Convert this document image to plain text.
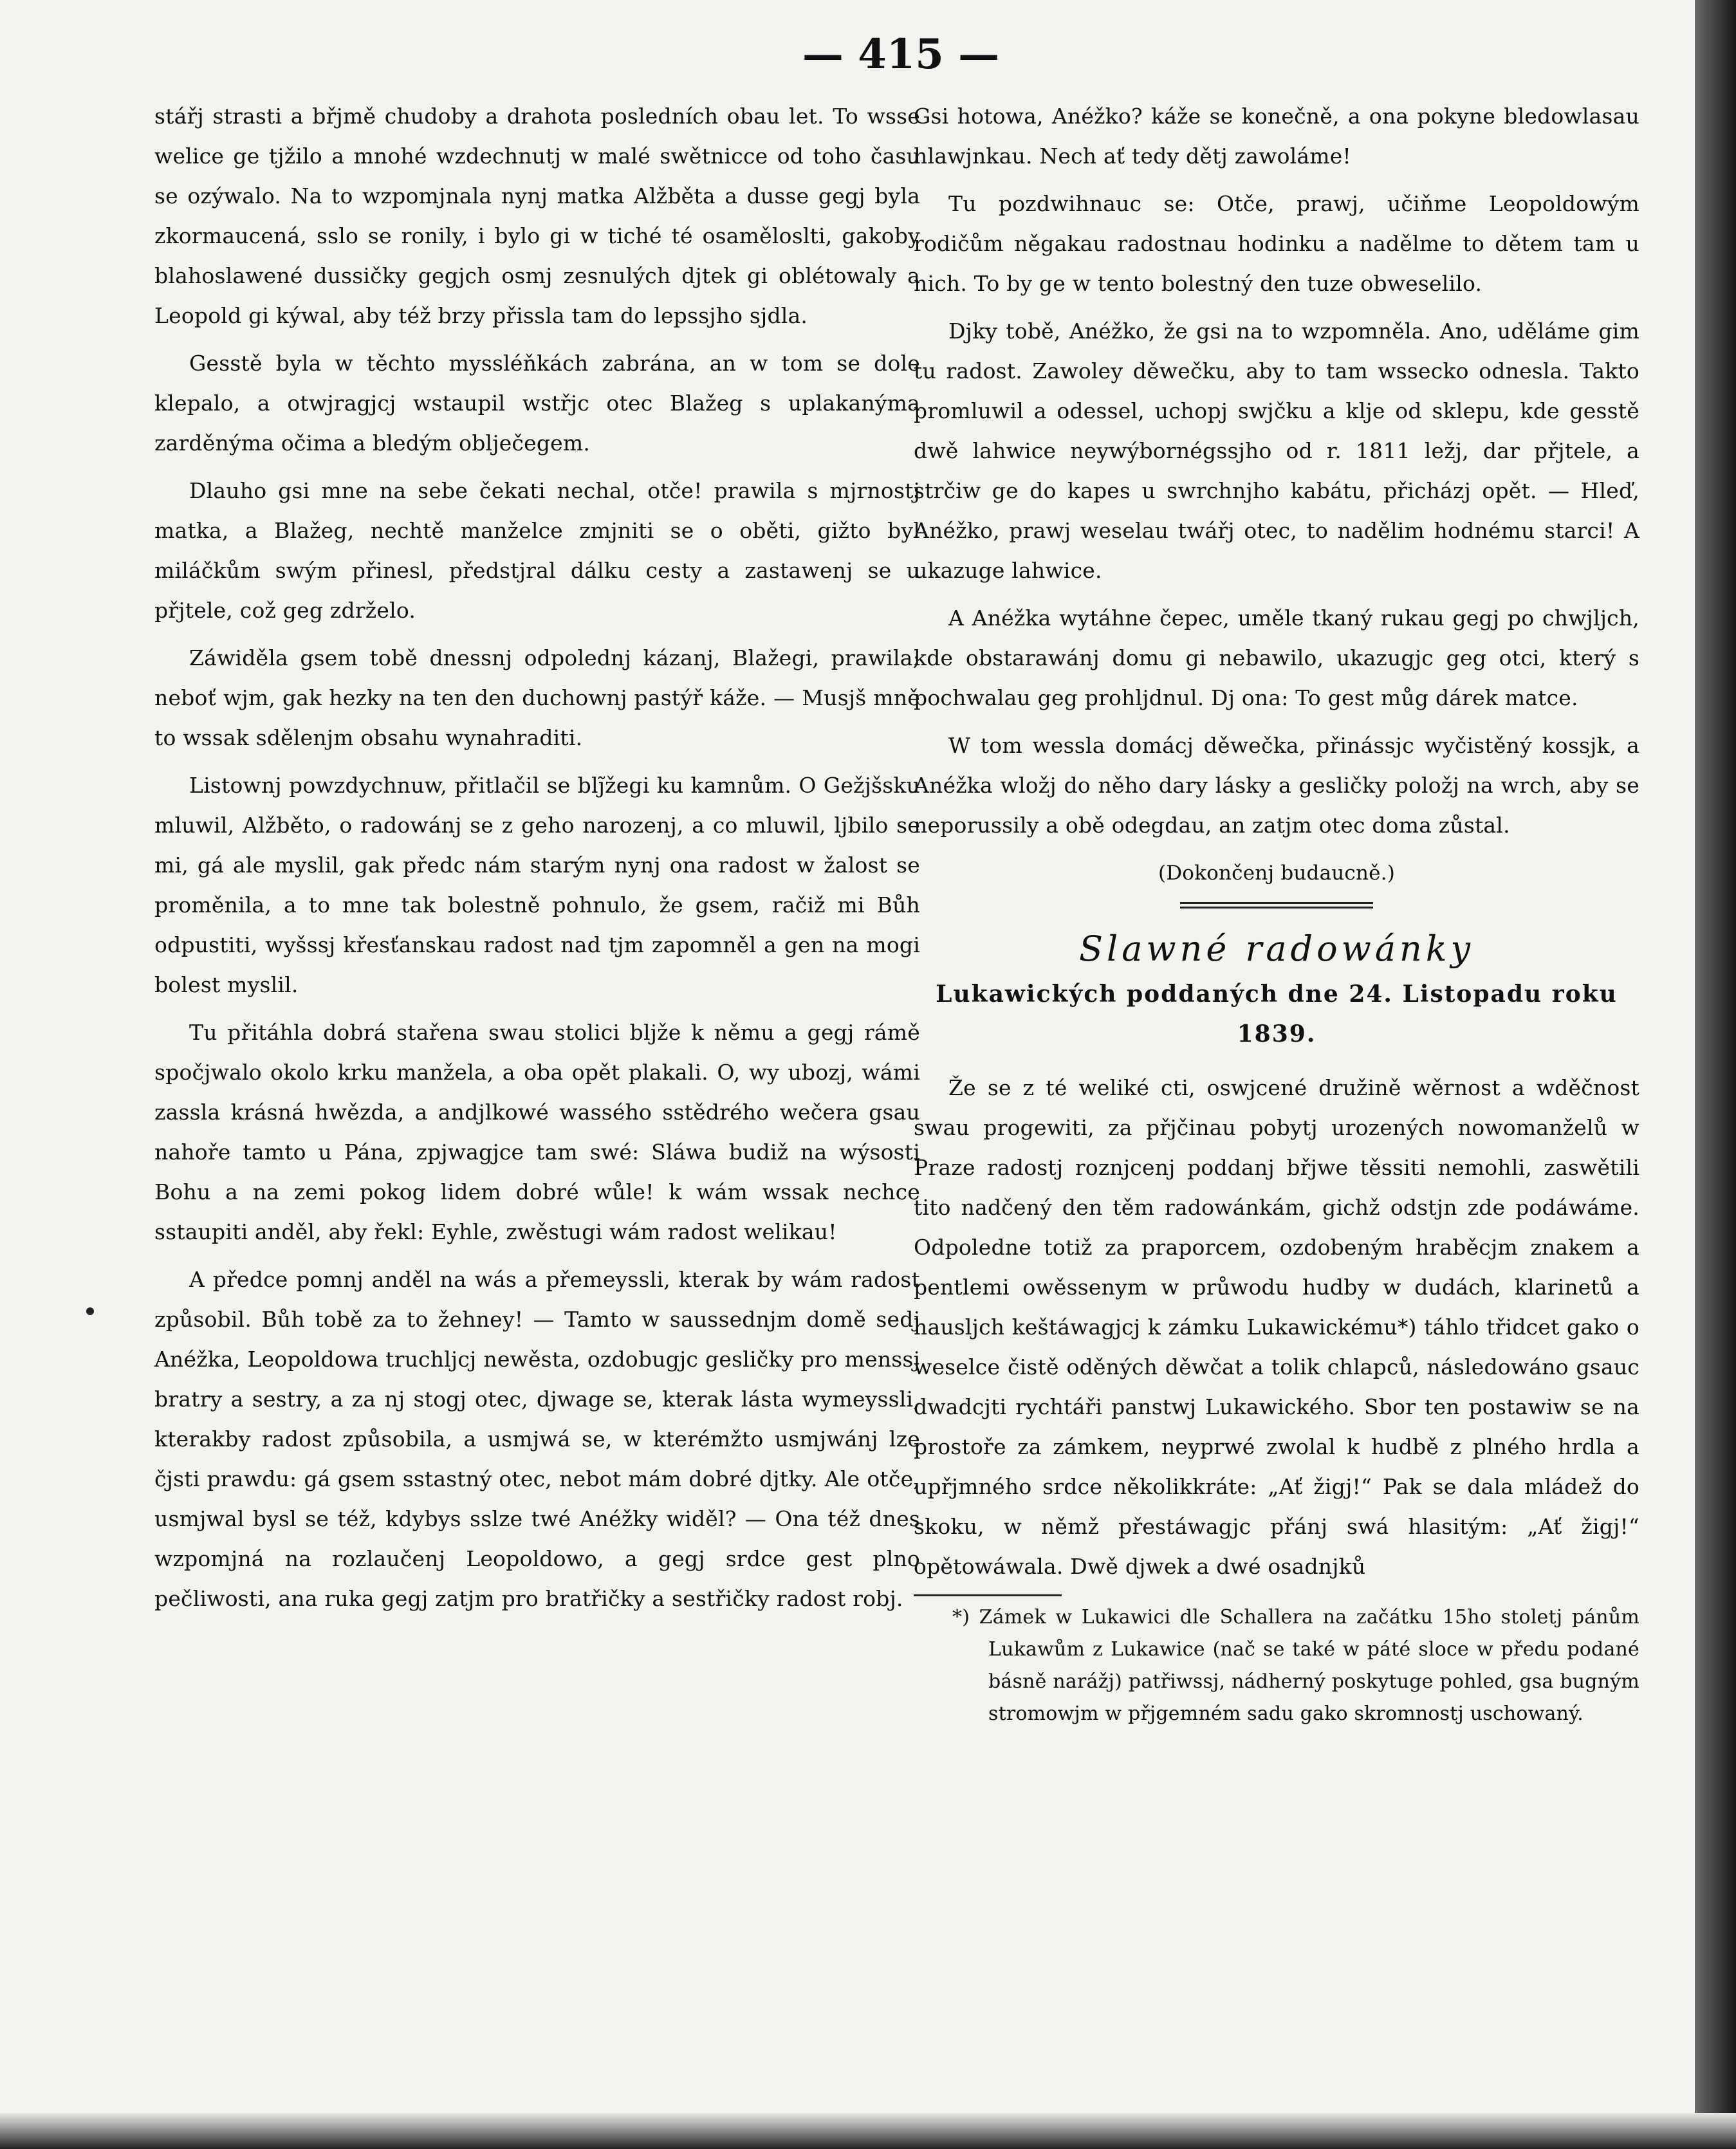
— 415 —

stářj strasti a břjmě chudoby a drahota posledních obau let. To wsse welice ge tjžilo a mnohé wzdechnutj w malé swětnicce od toho času se ozýwalo. Na to wzpomjnala nynj matka Alžběta a dusse gegj byla zkormaucená, sslo se ronily, i bylo gi w tiché té osaměloslti, gakoby blahoslawené dussičky gegjch osmj zesnulých djtek gi oblétowaly a Leopold gi kýwal, aby též brzy přissla tam do lepssjho sjdla.

Gesstě byla w těchto myssléňkách zabrána, an w tom se dole klepalo, a otwjragjcj wstaupil wstřjc otec Blažeg s uplakanýma zarděnýma očima a bledým oblječegem.

Dlauho gsi mne na sebe čekati nechal, otče! prawila s mjrnostj matka, a Blažeg, nechtě manželce zmjniti se o oběti, gižto byl miláčkům swým přinesl, předstjral dálku cesty a zastawenj se u přjtele, což geg zdrželo.

Záwiděla gsem tobě dnessnj odpolednj kázanj, Blažegi, prawila; neboť wjm, gak hezky na ten den duchownj pastýř káže. — Musjš mně to wssak sdělenjm obsahu wynahraditi.

Listownj powzdychnuw, přitlačil se blj̃žegi ku kamnům. O Gežjšsku mluwil, Alžběto, o radowánj se z geho narozenj, a co mluwil, ljbilo se mi, gá ale myslil, gak předc nám starým nynj ona radost w žalost se proměnila, a to mne tak bolestně pohnulo, že gsem, račiž mi Bůh odpustiti, wyšssj křesťanskau radost nad tjm zapomněl a gen na mogi bolest myslil.

Tu přitáhla dobrá stařena swau stolici bljže k němu a gegj rámě spočjwalo okolo krku manžela, a oba opět plakali. O, wy ubozj, wámi zassla krásná hwězda, a andjlkowé wassého sstědrého wečera gsau nahoře tamto u Pána, zpjwagjce tam swé: Sláwa budiž na wýsosti Bohu a na zemi pokog lidem dobré wůle! k wám wssak nechce sstaupiti anděl, aby řekl: Eyhle, zwěstugi wám radost welikau!

A předce pomnj anděl na wás a přemeyssli, kterak by wám radost způsobil. Bůh tobě za to žehney! — Tamto w saussednjm domě sedj Anéžka, Leopoldowa truchljcj newěsta, ozdobugjc gesličky pro menssj bratry a sestry, a za nj stogj otec, djwage se, kterak lásta wymeyssli, kterakby radost způsobila, a usmjwá se, w kterémžto usmjwánj lze čjsti prawdu: gá gsem sstastný otec, nebot mám dobré djtky. Ale otče, usmjwal bysl se též, kdybys sslze twé Anéžky widěl? — Ona též dnes wzpomjná na rozlaučenj Leopoldowo, a gegj srdce gest plno pečliwosti, ana ruka gegj zatjm pro bratřičky a sestřičky radost robj.

Gsi hotowa, Anéžko? káže se konečně, a ona pokyne bledowlasau hlawjnkau. Nech ať tedy dětj zawoláme!

Tu pozdwihnauc se: Otče, prawj, učiňme Leopoldowým rodičům něgakau radostnau hodinku a nadělme to dětem tam u nich. To by ge w tento bolestný den tuze obweselilo.

Djky tobě, Anéžko, že gsi na to wzpomněla. Ano, uděláme gim tu radost. Zawoley děwečku, aby to tam wssecko odnesla. Takto promluwil a odessel, uchopj swjčku a klje od sklepu, kde gesstě dwě lahwice neywýbornégssjho od r. 1811 ležj, dar přjtele, a strčiw ge do kapes u swrchnjho kabátu, přicházj opět. — Hleď, Anéžko, prawj weselau twářj otec, to nadělim hodnému starci! A ukazuge lahwice.

A Anéžka wytáhne čepec, uměle tkaný rukau gegj po chwjljch, kde obstarawánj domu gi nebawilo, ukazugjc geg otci, který s pochwalau geg prohljdnul. Dj ona: To gest můg dárek matce.

W tom wessla domácj děwečka, přinássjc wyčistěný kossjk, a Anéžka wložj do něho dary lásky a gesličky položj na wrch, aby se neporussily a obě odegdau, an zatjm otec doma zůstal.

(Dokončenj budaucně.)

Slawné radowánky
Lukawických poddaných dne 24. Listopadu roku 1839.

Že se z té weliké cti, oswjcené družině wěrnost a wděčnost swau progewiti, za přjčinau pobytj urozených nowomanželů w Praze radostj roznjcenj poddanj břjwe těssiti nemohli, zaswětili tito nadčený den těm radowánkám, gichž odstjn zde podáwáme. Odpoledne totiž za praporcem, ozdobeným hraběcjm znakem a pentlemi owěssenym w průwodu hudby w dudách, klarinetů a hausljch keštáwagjcj k zámku Lukawickému*) táhlo třidcet gako o weselce čistě oděných děwčat a tolik chlapců, následowáno gsauc dwadcjti rychtáři panstwj Lukawického. Sbor ten postawiw se na prostoře za zámkem, neyprwé zwolal k hudbě z plného hrdla a upřjmného srdce několikkráte: „Ať žigj!“ Pak se dala mládež do skoku, w němž přestáwagjc přánj swá hlasitým: „Ať žigj!“ opětowáwala. Dwě djwek a dwé osadnjků

*) Zámek w Lukawici dle Schallera na začátku 15ho stoletj pánům Lukawům z Lukawice (nač se také w páté sloce w předu podané básně narážj) patřiwssj, nádherný poskytuge pohled, gsa bugným stromowjm w přjgemném sadu gako skromnostj uschowaný.
